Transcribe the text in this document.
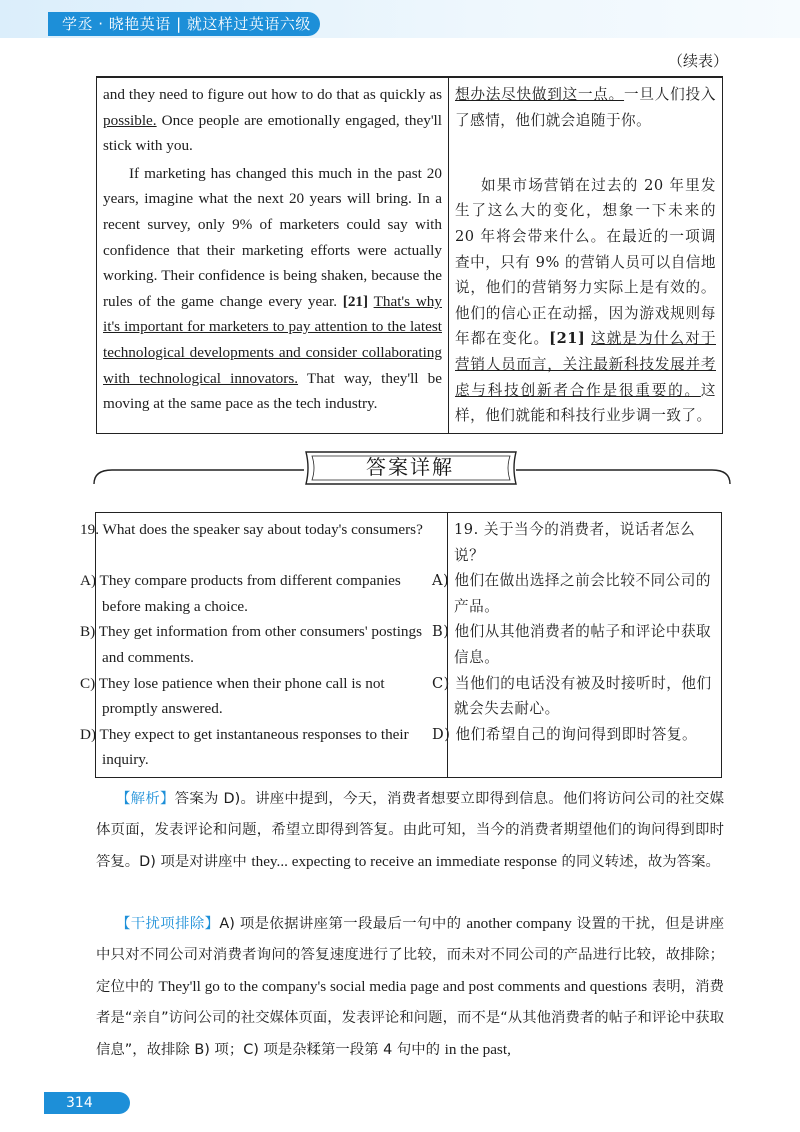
学丞 · 晓艳英语 | 就这样过英语六级
（续表）
and they need to figure out how to do that as quickly as possible. Once people are emotionally engaged, they'll stick with you.	想办法尽快做到这一点。一旦人们投入了感情，他们就会追随于你。

If marketing has changed this much in the past 20 years, imagine what the next 20 years will bring. In a recent survey, only 9% of marketers could say with confidence that their marketing efforts were actually working. Their confidence is being shaken, because the rules of the game change every year. [21] That's why it's important for marketers to pay attention to the latest technological developments and consider collaborating with technological innovators. That way, they'll be moving at the same pace as the tech industry.	如果市场营销在过去的 20 年里发生了这么大的变化，想象一下未来的 20 年将会带来什么。在最近的一项调查中，只有 9% 的营销人员可以自信地说，他们的营销努力实际上是有效的。他们的信心正在动摇，因为游戏规则每年都在变化。[21] 这就是为什么对于营销人员而言，关注最新科技发展并考虑与科技创新者合作是很重要的。这样，他们就能和科技行业步调一致了。
答案详解
19. What does the speaker say about today's consumers?	19. 关于当今的消费者，说话者怎么说？
A) They compare products from different companies before making a choice.	A) 他们在做出选择之前会比较不同公司的产品。
B) They get information from other consumers' postings and comments.	B) 他们从其他消费者的帖子和评论中获取信息。
C) They lose patience when their phone call is not promptly answered.	C) 当他们的电话没有被及时接听时，他们就会失去耐心。
D) They expect to get instantaneous responses to their inquiry.	D) 他们希望自己的询问得到即时答复。
【解析】答案为 D)。讲座中提到，今天，消费者想要立即得到信息。他们将访问公司的社交媒体页面，发表评论和问题，希望立即得到答复。由此可知，当今的消费者期望他们的询问得到即时答复。D) 项是对讲座中 they... expecting to receive an immediate response 的同义转述，故为答案。
【干扰项排除】A) 项是依据讲座第一段最后一句中的 another company 设置的干扰，但是讲座中只对不同公司对消费者询问的答复速度进行了比较，而未对不同公司的产品进行比较，故排除；定位中的 They'll go to the company's social media page and post comments and questions 表明，消费者是“亲自”访问公司的社交媒体页面，发表评论和问题，而不是“从其他消费者的帖子和评论中获取信息”，故排除 B) 项；C) 项是杂糅第一段第 4 句中的 in the past,
314
